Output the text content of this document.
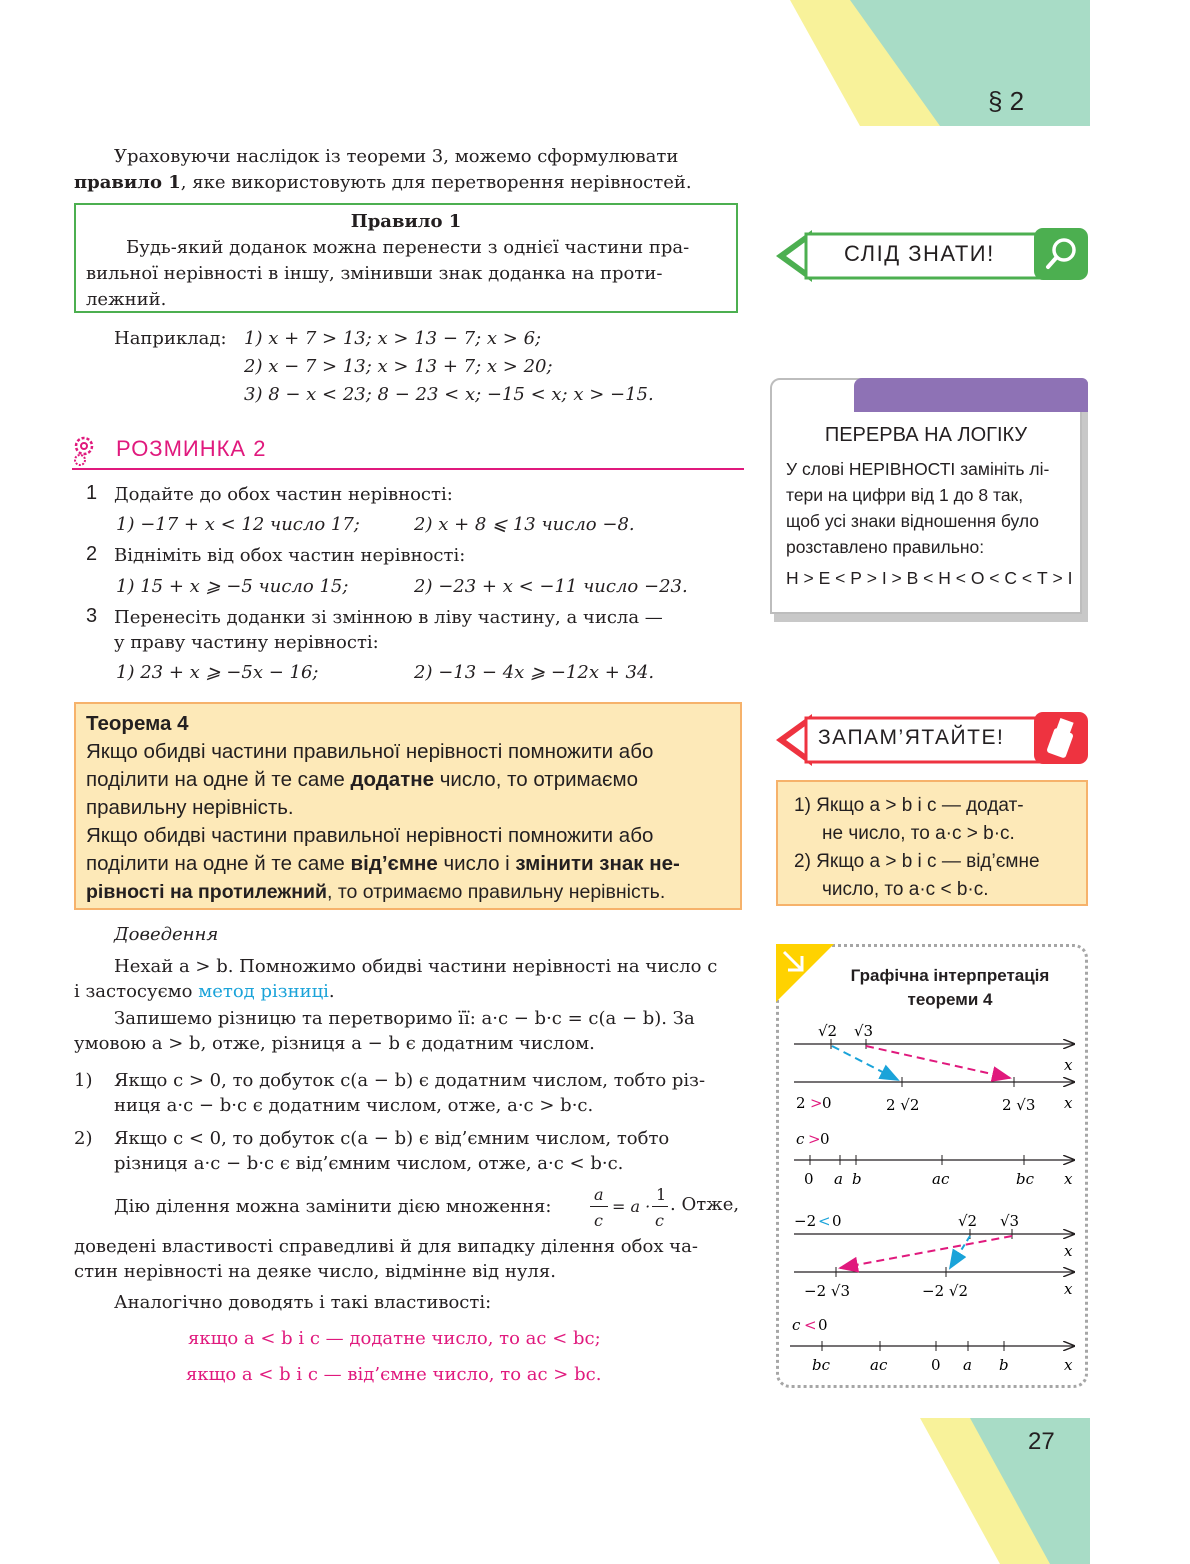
§ 2
27
Ураховуючи наслідок із теореми 3, можемо сформулювати
правило 1, яке використовують для перетворення нерівностей.
Правило 1
Будь-який доданок можна перенести з однієї частини пра-
вильної нерівності в іншу, змінивши знак доданка на проти-
лежний.
Наприклад: 1) x + 7 > 13; x > 13 − 7; x > 6;
2) x − 7 > 13; x > 13 + 7; x > 20;
3) 8 − x < 23; 8 − 23 < x; −15 < x; x > −15.
РОЗМИНКА 2
1 Додайте до обох частин нерівності:
1) −17 + x < 12 число 17;	2) x + 8 ⩽ 13 число −8.
2 Відніміть від обох частин нерівності:
1) 15 + x ⩾ −5 число 15;	2) −23 + x < −11 число −23.
3 Перенесіть доданки зі змінною в ліву частину, а числа —
у праву частину нерівності:
1) 23 + x ⩾ −5x − 16;	2) −13 − 4x ⩾ −12x + 34.
Теорема 4
Якщо обидві частини правильної нерівності помножити або
поділити на одне й те саме додатне число, то отримаємо
правильну нерівність.
Якщо обидві частини правильної нерівності помножити або
поділити на одне й те саме від’ємне число і змінити знак не-
рівності на протилежний, то отримаємо правильну нерівність.
Доведення
Нехай a > b. Помножимо обидві частини нерівності на число c
і застосуємо метод різниці.
Запишемо різницю та перетворимо її: a·c − b·c = c(a − b). За
умовою a > b, отже, різниця a − b є додатним числом.
1) Якщо c > 0, то добуток c(a − b) є додатним числом, тобто різ-
ниця a·c − b·c є додатним числом, отже, a·c > b·c.
2) Якщо c < 0, то добуток c(a − b) є від’ємним числом, тобто
різниця a·c − b·c є від’ємним числом, отже, a·c < b·c.
Дію ділення можна замінити дією множення:
a
c
= a ·
1
c
. Отже,
доведені властивості справедливі й для випадку ділення обох ча-
стин нерівності на деяке число, відмінне від нуля.
Аналогічно доводять і такі властивості:
якщо a < b і c — додатне число, то ac < bc;
якщо a < b і c — від’ємне число, то ac > bc.
СЛІД ЗНАТИ!
ПЕРЕРВА НА ЛОГІКУ
У слові НЕРІВНОСТІ замініть лі-
тери на цифри від 1 до 8 так,
щоб усі знаки відношення було
розставлено правильно:
Н > Е < Р > І > В < Н < О < С < Т > І
ЗАПАМ’ЯТАЙТЕ!
1) Якщо a > b і c — додат-
не число, то a·c > b·c.
2) Якщо a > b і c — від’ємне
число, то a·c < b·c.
Графічна інтерпретація
теореми 4
√2 √3
x
2 > 0	2 √2	2 √3 x
c > 0
0 a b	ac	bc x
−2 < 0	√2 √3
x
−2 √3	−2 √2	x
c < 0
bc	ac	0 a b	x
